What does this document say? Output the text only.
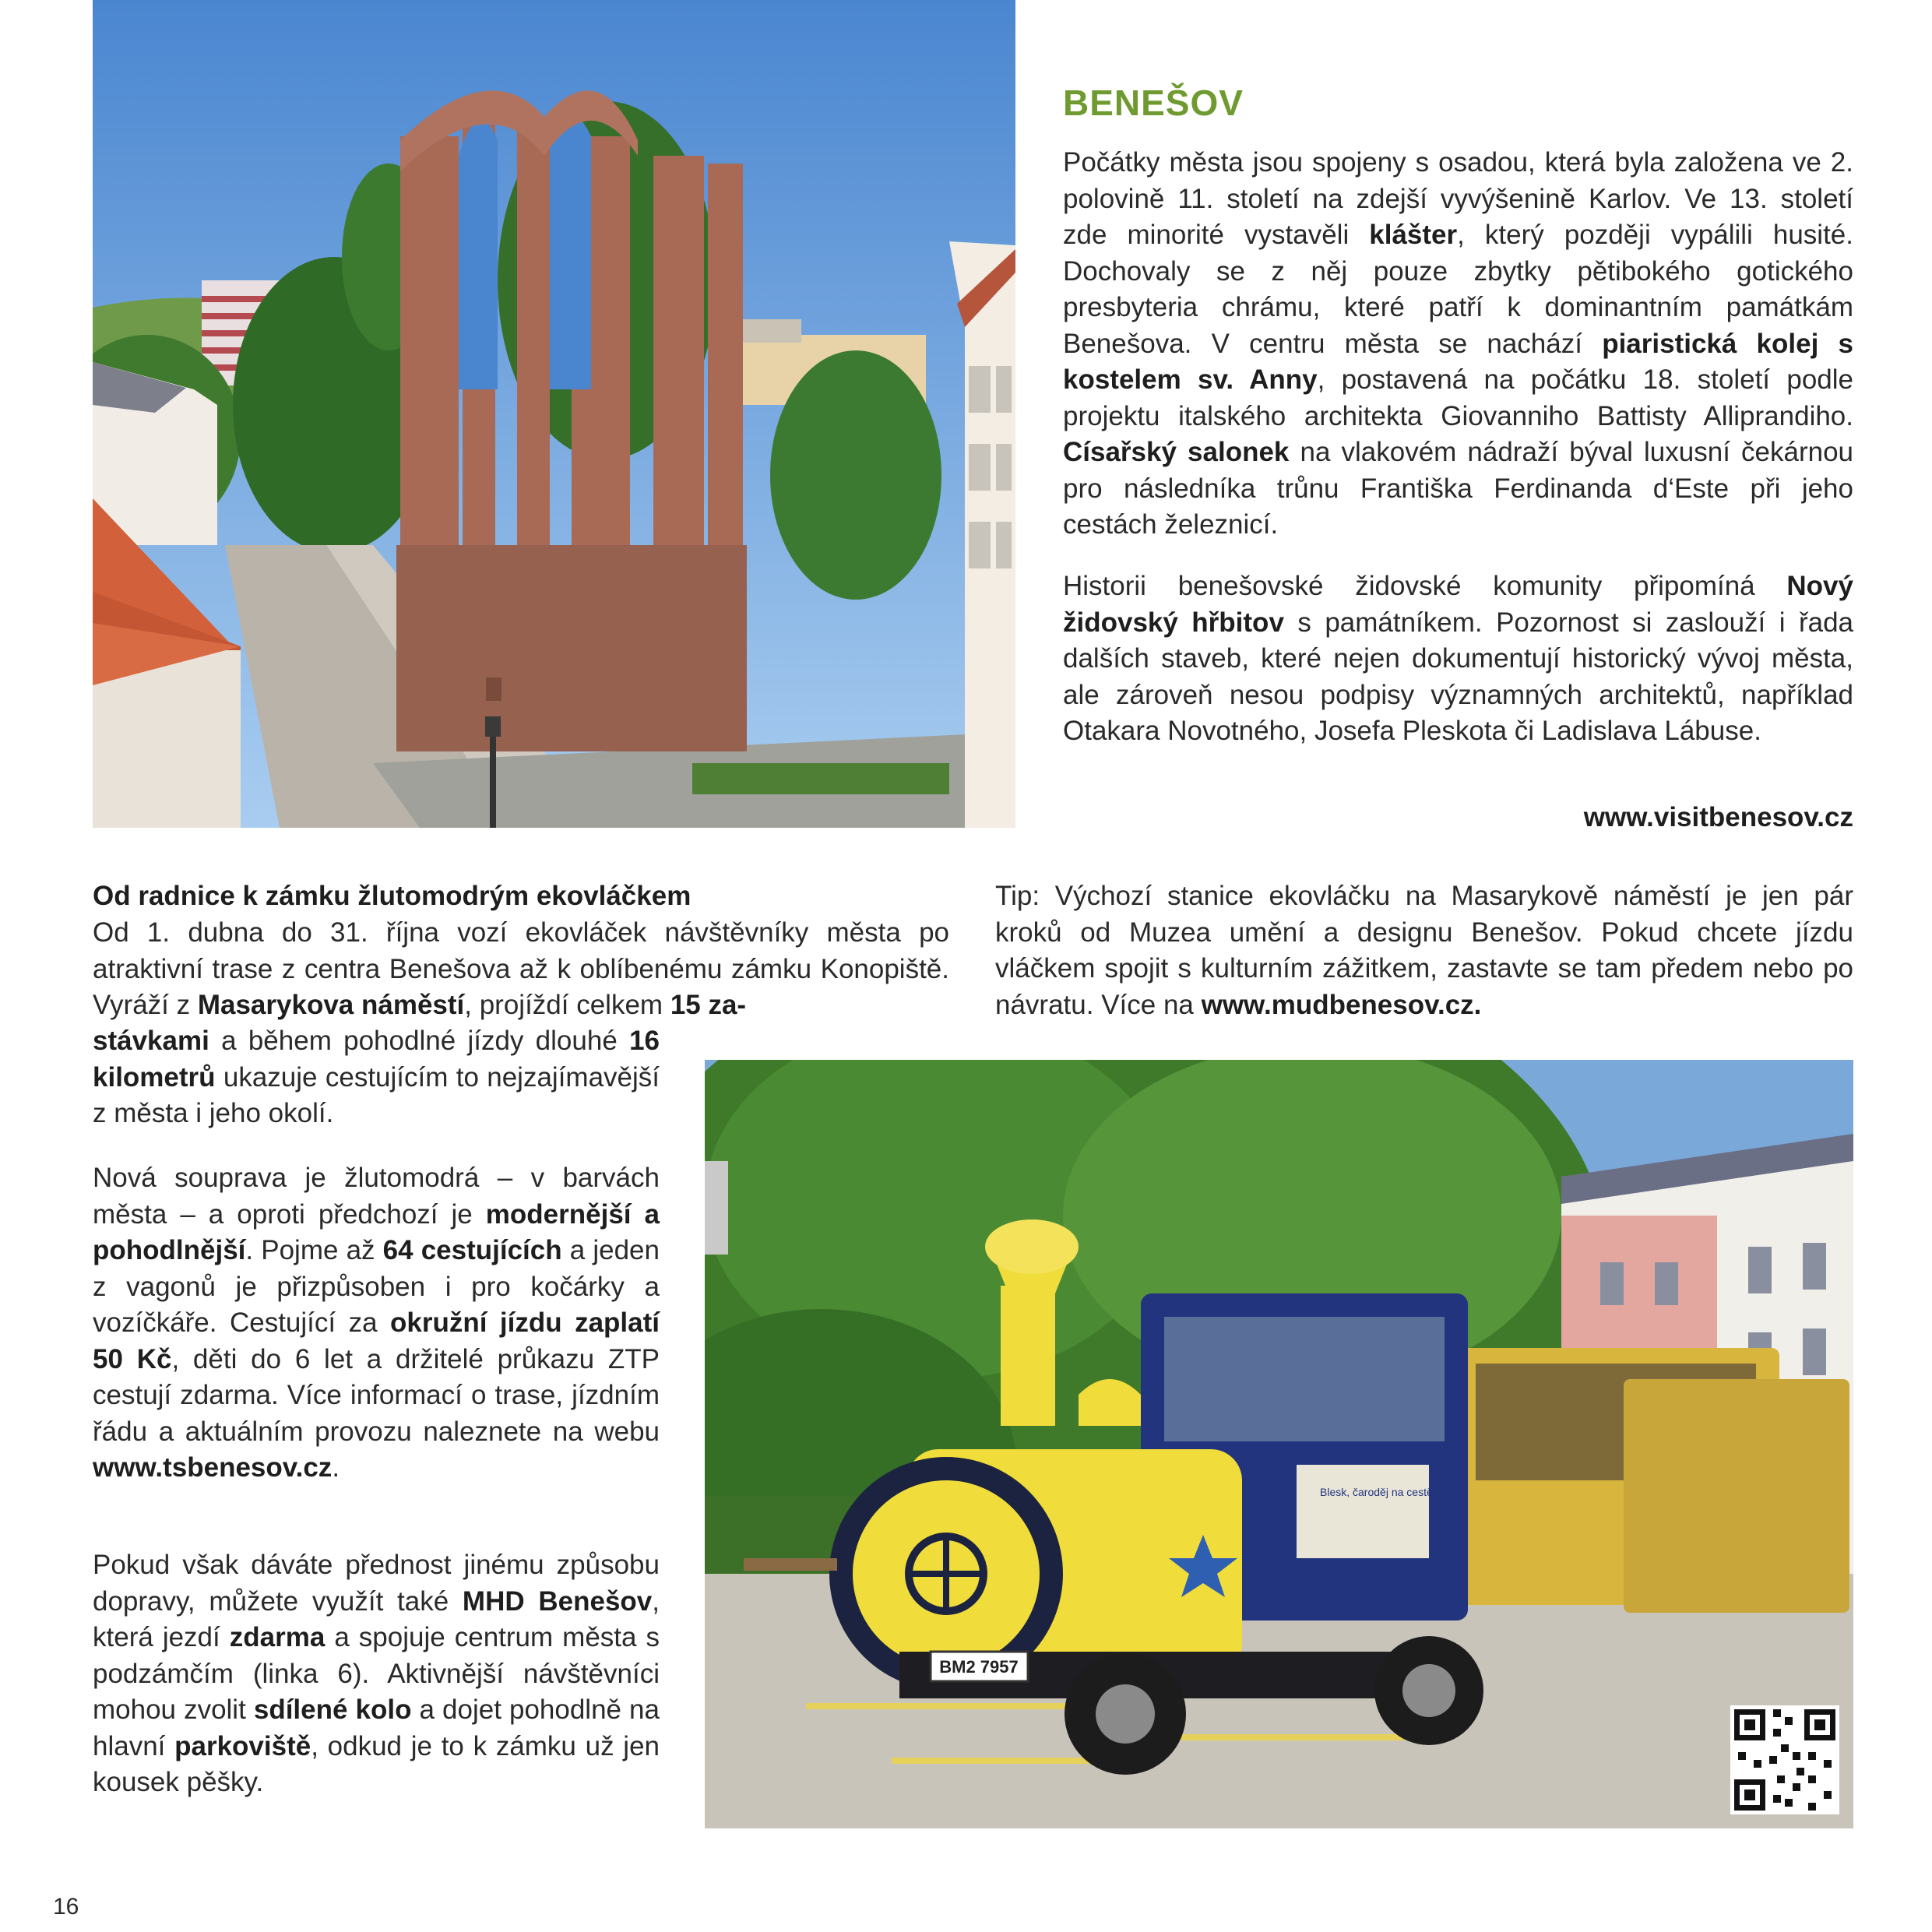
BENEŠOV

Počátky města jsou spojeny s osadou, která byla založena ve 2. polovině 11. století na zdejší vyvýšenině Karlov. Ve 13. století zde minorité vystavěli klášter, který později vypálili husité. Dochovaly se z něj pouze zbytky pětibokého gotického presbyteria chrámu, které patří k dominantním památkám Benešova. V centru města se nachází piaristická kolej s kostelem sv. Anny, postavená na počátku 18. století podle projektu italského architekta Giovanniho Battisty Alliprandiho. Císařský salonek na vlakovém nádraží býval luxusní čekárnou pro následníka trůnu Františka Ferdinanda d‘Este při jeho cestách železnicí.

Historii benešovské židovské komunity připomíná Nový židovský hřbitov s památníkem. Pozornost si zaslouží i řada dalších staveb, které nejen dokumentují historický vývoj města, ale zároveň nesou podpisy významných architektů, například Otakara Novotného, Josefa Pleskota či Ladislava Lábuse.

www.visitbenesov.cz
Od radnice k zámku žlutomodrým ekovláčkem

Od 1. dubna do 31. října vozí ekovláček návštěvníky města po atraktivní trase z centra Benešova až k oblíbenému zámku Konopiště. Vyráží z Masarykova náměstí, projíždí celkem 15 za-

stávkami a během pohodlné jízdy dlouhé 16 kilometrů ukazuje cestujícím to nejzajímavější z města i jeho okolí.

Nová souprava je žlutomodrá – v barvách města – a oproti předchozí je modernější a pohodlnější. Pojme až 64 cestujících a jeden z vagonů je přizpůsoben i pro kočárky a vozíčkáře. Cestující za okružní jízdu zaplatí 50 Kč, děti do 6 let a držitelé průkazu ZTP cestují zdarma. Více informací o trase, jízdním řádu a aktuálním provozu naleznete na webu www.tsbenesov.cz.

Pokud však dáváte přednost jinému způsobu dopravy, můžete využít také MHD Benešov, která jezdí zdarma a spojuje centrum města s podzámčím (linka 6). Aktivnější návštěvníci mohou zvolit sdílené kolo a dojet pohodlně na hlavní parkoviště, odkud je to k zámku už jen kousek pěšky.

Tip: Výchozí stanice ekovláčku na Masarykově náměstí je jen pár kroků od Muzea umění a designu Benešov. Pokud chcete jízdu vláčkem spojit s kulturním zážitkem, zastavte se tam předem nebo po návratu. Více na www.mudbenesov.cz.

BM2 7957
Blesk, čaroděj na cestě
16
